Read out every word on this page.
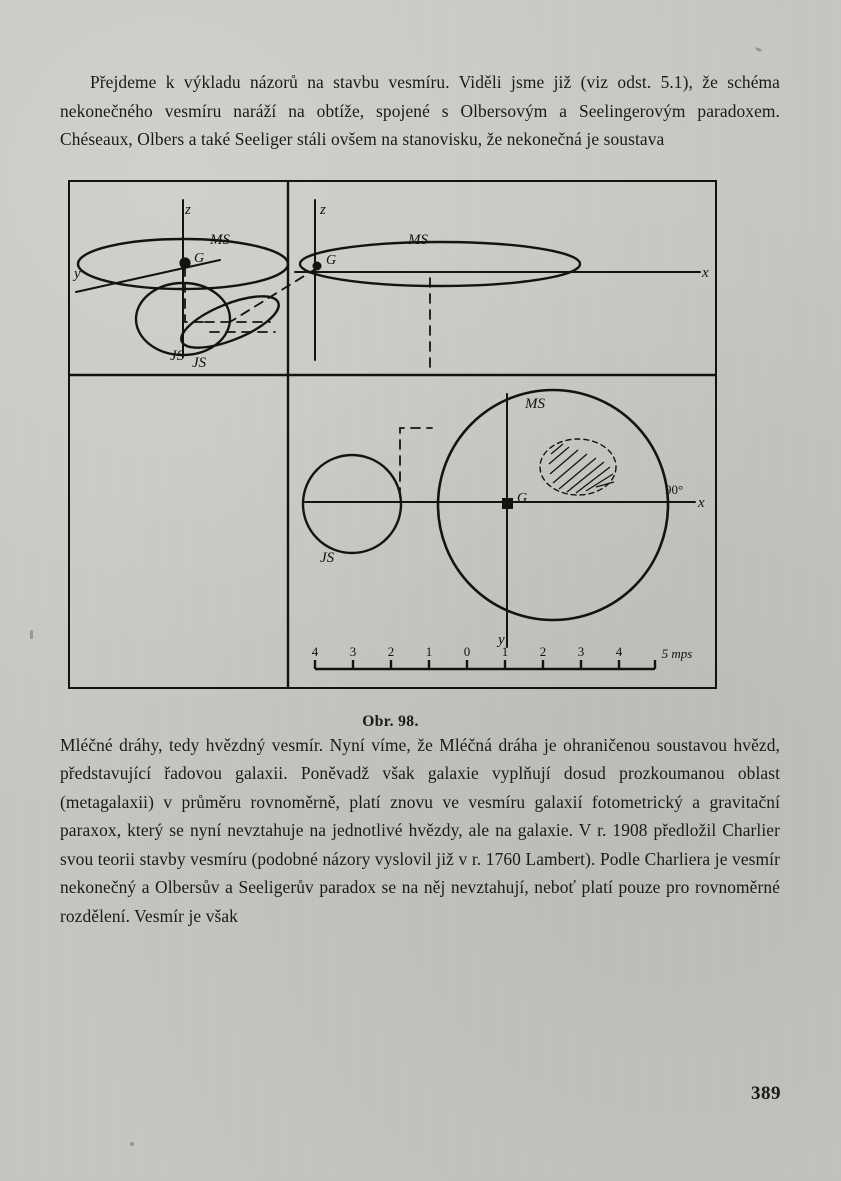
Přejdeme k výkladu názorů na stavbu vesmíru. Viděli jsme již (viz odst. 5.1), že schéma nekonečného vesmíru naráží na obtíže, spojené s Olbersovým a Seelingerovým paradoxem. Chéseaux, Olbers a také Seeliger stáli ovšem na stanovisku, že nekonečná je soustava

z
y
MS
G
JS
z
x
MS
G
JS
MS
G
JS
x
y
90°
4 3 2 1 0 1 2 3 4	5 mps
Obr. 98.

Mléčné dráhy, tedy hvězdný vesmír. Nyní víme, že Mléčná dráha je ohraničenou soustavou hvězd, představující řadovou galaxii. Poněvadž však galaxie vyplňují dosud prozkoumanou oblast (metagalaxii) v průměru rovnoměrně, platí znovu ve vesmíru galaxií fotometrický a gravitační paraxox, který se nyní nevztahuje na jednotlivé hvězdy, ale na galaxie. V r. 1908 předložil Charlier svou teorii stavby vesmíru (podobné názory vyslovil již v r. 1760 Lambert). Podle Charliera je vesmír nekonečný a Olbersův a Seeligerův paradox se na něj nevztahují, neboť platí pouze pro rovnoměrné rozdělení. Vesmír je však

389
